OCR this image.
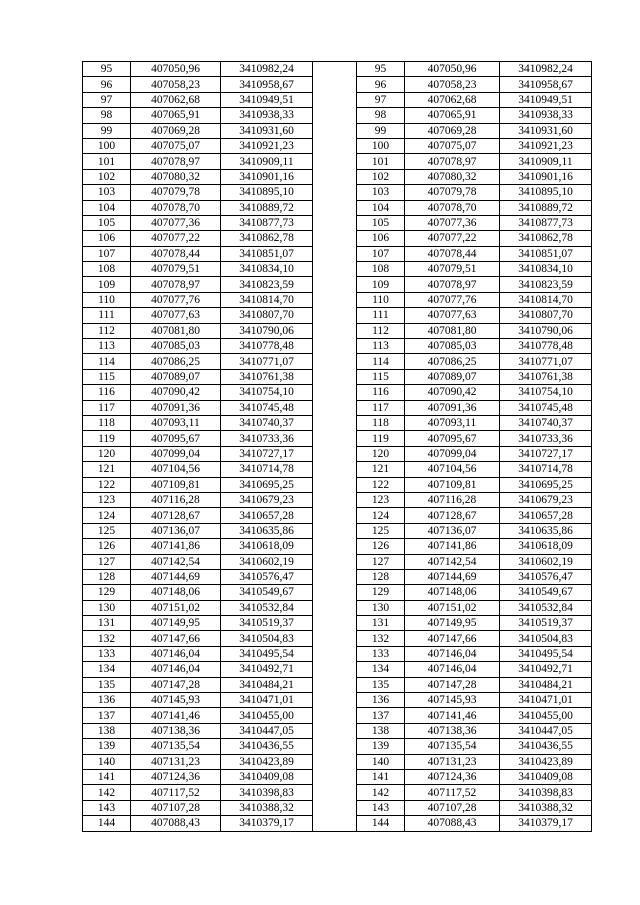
95	407050,96	3410982,24		95	407050,96	3410982,24
96	407058,23	3410958,67		96	407058,23	3410958,67
97	407062,68	3410949,51		97	407062,68	3410949,51
98	407065,91	3410938,33		98	407065,91	3410938,33
99	407069,28	3410931,60		99	407069,28	3410931,60
100	407075,07	3410921,23		100	407075,07	3410921,23
101	407078,97	3410909,11		101	407078,97	3410909,11
102	407080,32	3410901,16		102	407080,32	3410901,16
103	407079,78	3410895,10		103	407079,78	3410895,10
104	407078,70	3410889,72		104	407078,70	3410889,72
105	407077,36	3410877,73		105	407077,36	3410877,73
106	407077,22	3410862,78		106	407077,22	3410862,78
107	407078,44	3410851,07		107	407078,44	3410851,07
108	407079,51	3410834,10		108	407079,51	3410834,10
109	407078,97	3410823,59		109	407078,97	3410823,59
110	407077,76	3410814,70		110	407077,76	3410814,70
111	407077,63	3410807,70		111	407077,63	3410807,70
112	407081,80	3410790,06		112	407081,80	3410790,06
113	407085,03	3410778,48		113	407085,03	3410778,48
114	407086,25	3410771,07		114	407086,25	3410771,07
115	407089,07	3410761,38		115	407089,07	3410761,38
116	407090,42	3410754,10		116	407090,42	3410754,10
117	407091,36	3410745,48		117	407091,36	3410745,48
118	407093,11	3410740,37		118	407093,11	3410740,37
119	407095,67	3410733,36		119	407095,67	3410733,36
120	407099,04	3410727,17		120	407099,04	3410727,17
121	407104,56	3410714,78		121	407104,56	3410714,78
122	407109,81	3410695,25		122	407109,81	3410695,25
123	407116,28	3410679,23		123	407116,28	3410679,23
124	407128,67	3410657,28		124	407128,67	3410657,28
125	407136,07	3410635,86		125	407136,07	3410635,86
126	407141,86	3410618,09		126	407141,86	3410618,09
127	407142,54	3410602,19		127	407142,54	3410602,19
128	407144,69	3410576,47		128	407144,69	3410576,47
129	407148,06	3410549,67		129	407148,06	3410549,67
130	407151,02	3410532,84		130	407151,02	3410532,84
131	407149,95	3410519,37		131	407149,95	3410519,37
132	407147,66	3410504,83		132	407147,66	3410504,83
133	407146,04	3410495,54		133	407146,04	3410495,54
134	407146,04	3410492,71		134	407146,04	3410492,71
135	407147,28	3410484,21		135	407147,28	3410484,21
136	407145,93	3410471,01		136	407145,93	3410471,01
137	407141,46	3410455,00		137	407141,46	3410455,00
138	407138,36	3410447,05		138	407138,36	3410447,05
139	407135,54	3410436,55		139	407135,54	3410436,55
140	407131,23	3410423,89		140	407131,23	3410423,89
141	407124,36	3410409,08		141	407124,36	3410409,08
142	407117,52	3410398,83		142	407117,52	3410398,83
143	407107,28	3410388,32		143	407107,28	3410388,32
144	407088,43	3410379,17		144	407088,43	3410379,17
